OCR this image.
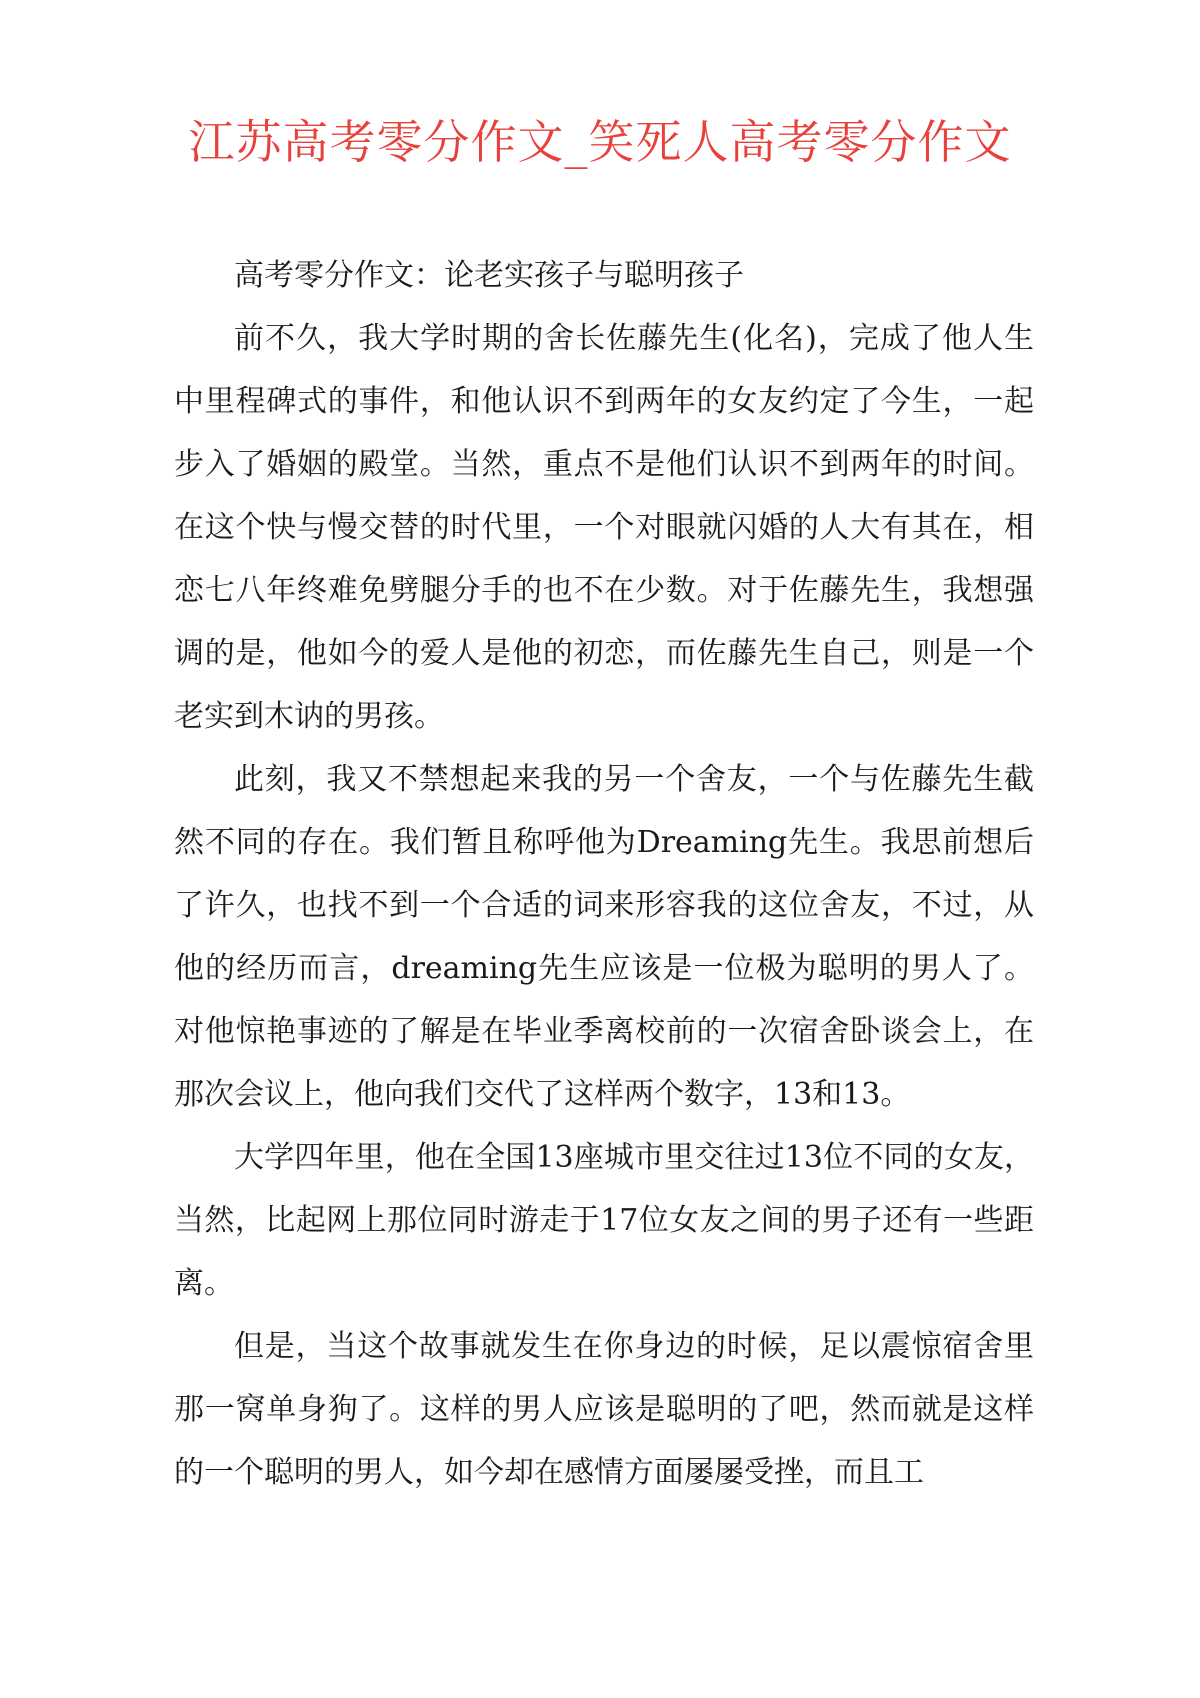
江苏高考零分作文_笑死人高考零分作文

高考零分作文：论老实孩子与聪明孩子

前不久，我大学时期的舍长佐藤先生(化名)，完成了他人生中里程碑式的事件，和他认识不到两年的女友约定了今生，一起步入了婚姻的殿堂。当然，重点不是他们认识不到两年的时间。在这个快与慢交替的时代里，一个对眼就闪婚的人大有其在，相恋七八年终难免劈腿分手的也不在少数。对于佐藤先生，我想强调的是，他如今的爱人是他的初恋，而佐藤先生自己，则是一个老实到木讷的男孩。

此刻，我又不禁想起来我的另一个舍友，一个与佐藤先生截然不同的存在。我们暂且称呼他为Dreaming先生。我思前想后了许久，也找不到一个合适的词来形容我的这位舍友，不过，从他的经历而言，dreaming先生应该是一位极为聪明的男人了。对他惊艳事迹的了解是在毕业季离校前的一次宿舍卧谈会上，在那次会议上，他向我们交代了这样两个数字，13和13。

大学四年里，他在全国13座城市里交往过13位不同的女友，当然，比起网上那位同时游走于17位女友之间的男子还有一些距离。

但是，当这个故事就发生在你身边的时候，足以震惊宿舍里那一窝单身狗了。这样的男人应该是聪明的了吧，然而就是这样的一个聪明的男人，如今却在感情方面屡屡受挫，而且工
